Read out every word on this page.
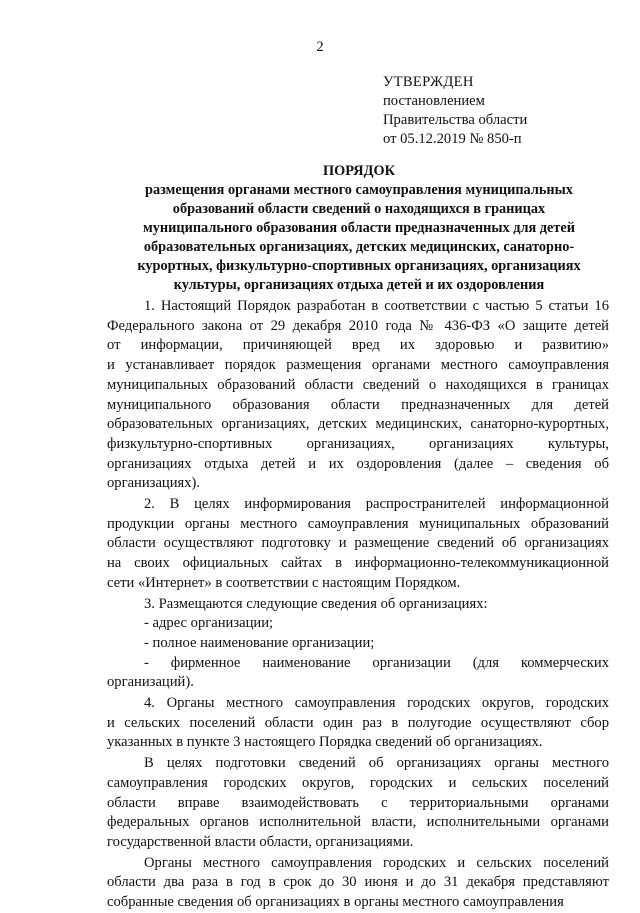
2
УТВЕРЖДЕН
постановлением
Правительства области
от 05.12.2019 № 850-п
ПОРЯДОК
размещения органами местного самоуправления муниципальных
образований области сведений о находящихся в границах
муниципального образования области предназначенных для детей
образовательных организациях, детских медицинских, санаторно-
курортных, физкультурно-спортивных организациях, организациях
культуры, организациях отдыха детей и их оздоровления
1. Настоящий Порядок разработан в соответствии с частью 5 статьи 16
Федерального закона от 29 декабря 2010 года № 436-ФЗ «О защите детей
от информации, причиняющей вред их здоровью и развитию»
и устанавливает порядок размещения органами местного самоуправления
муниципальных образований области сведений о находящихся в границах
муниципального образования области предназначенных для детей
образовательных организациях, детских медицинских, санаторно-курортных,
физкультурно-спортивных организациях, организациях культуры,
организациях отдыха детей и их оздоровления (далее – сведения об
организациях).
2. В целях информирования распространителей информационной
продукции органы местного самоуправления муниципальных образований
области осуществляют подготовку и размещение сведений об организациях
на своих официальных сайтах в информационно-телекоммуникационной
сети «Интернет» в соответствии с настоящим Порядком.
3. Размещаются следующие сведения об организациях:
- адрес организации;
- полное наименование организации;
- фирменное наименование организации (для коммерческих
организаций).
4. Органы местного самоуправления городских округов, городских
и сельских поселений области один раз в полугодие осуществляют сбор
указанных в пункте 3 настоящего Порядка сведений об организациях.
В целях подготовки сведений об организациях органы местного
самоуправления городских округов, городских и сельских поселений
области вправе взаимодействовать с территориальными органами
федеральных органов исполнительной власти, исполнительными органами
государственной власти области, организациями.
Органы местного самоуправления городских и сельских поселений
области два раза в год в срок до 30 июня и до 31 декабря представляют
собранные сведения об организациях в органы местного самоуправления
